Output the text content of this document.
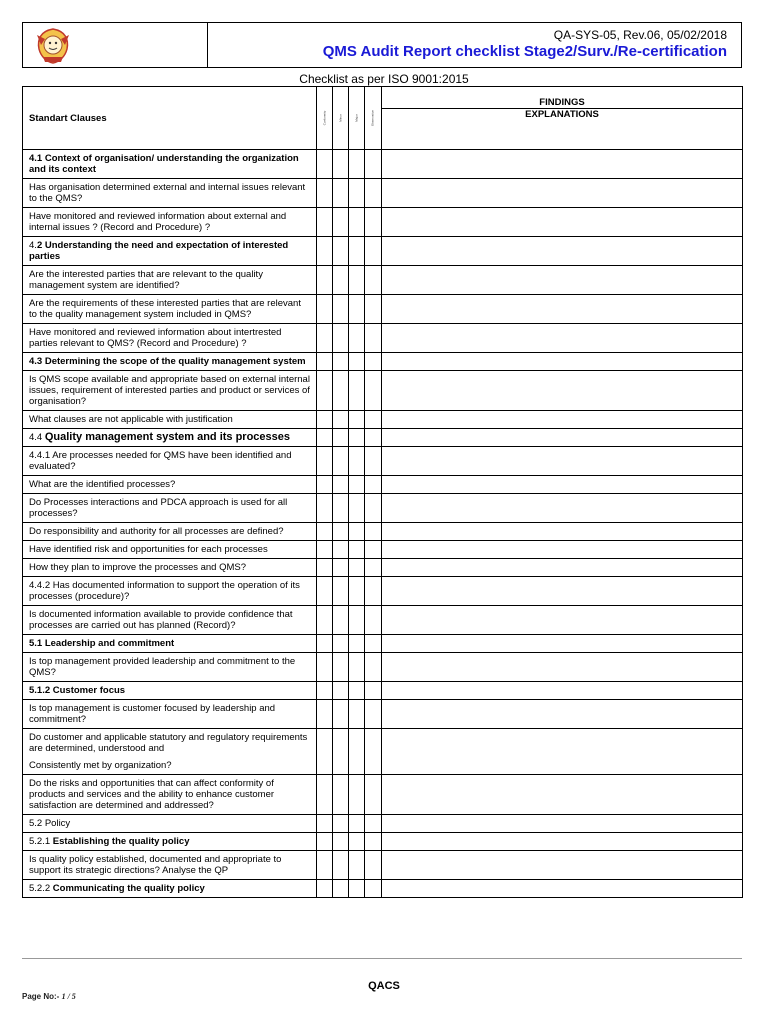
QA-SYS-05, Rev.06, 05/02/2018
QMS Audit Report checklist Stage2/Surv./Re-certification
Checklist as per ISO 9001:2015
Standart Clauses	Conformity	Minor	Major	Observation	FINDINGS
EXPLANATIONS

4.1 Context of organisation/ understanding the organization and its context					
Has organisation determined external and internal issues relevant to the QMS?					
Have monitored and reviewed information about external and internal issues ? (Record and Procedure) ?					
4.2 Understanding the need and expectation of interested parties					
Are the interested parties that are relevant to the quality management system are identified?					
Are the requirements of these interested parties that are relevant to the quality management system included in QMS?					
Have monitored and reviewed information about intertrested parties relevant to QMS? (Record and Procedure) ?					
4.3 Determining the scope of the quality management system					
Is QMS scope available and appropriate based on external internal issues, requirement of interested parties and product or services of organisation?					
What clauses are not applicable with justification					
4.4 Quality management system and its processes					
4.4.1 Are processes needed for QMS have been identified and evaluated?					
What are the identified processes?					
Do Processes interactions and PDCA approach is used for all processes?					
Do responsibility and authority for all processes are defined?					
Have identified risk and opportunities for each processes					
How they plan to improve the processes and QMS?					
4.4.2 Has documented information to support the operation of its processes (procedure)?					
Is documented information available to provide confidence that processes are carried out has planned (Record)?					
5.1 Leadership and commitment					
Is top management provided leadership and commitment to the QMS?					
5.1.2 Customer focus					
Is top management is customer focused by leadership and commitment?					
Do customer and applicable statutory and regulatory requirements are determined, understood and
Consistently met by organization?					
Do the risks and opportunities that can affect conformity of products and services and the ability to enhance customer satisfaction are determined and addressed?					
5.2 Policy					
5.2.1 Establishing the quality policy					
Is quality policy established, documented and appropriate to support its strategic directions? Analyse the QP					
5.2.2 Communicating the quality policy					
QACS
Page No:- 1 / 5
